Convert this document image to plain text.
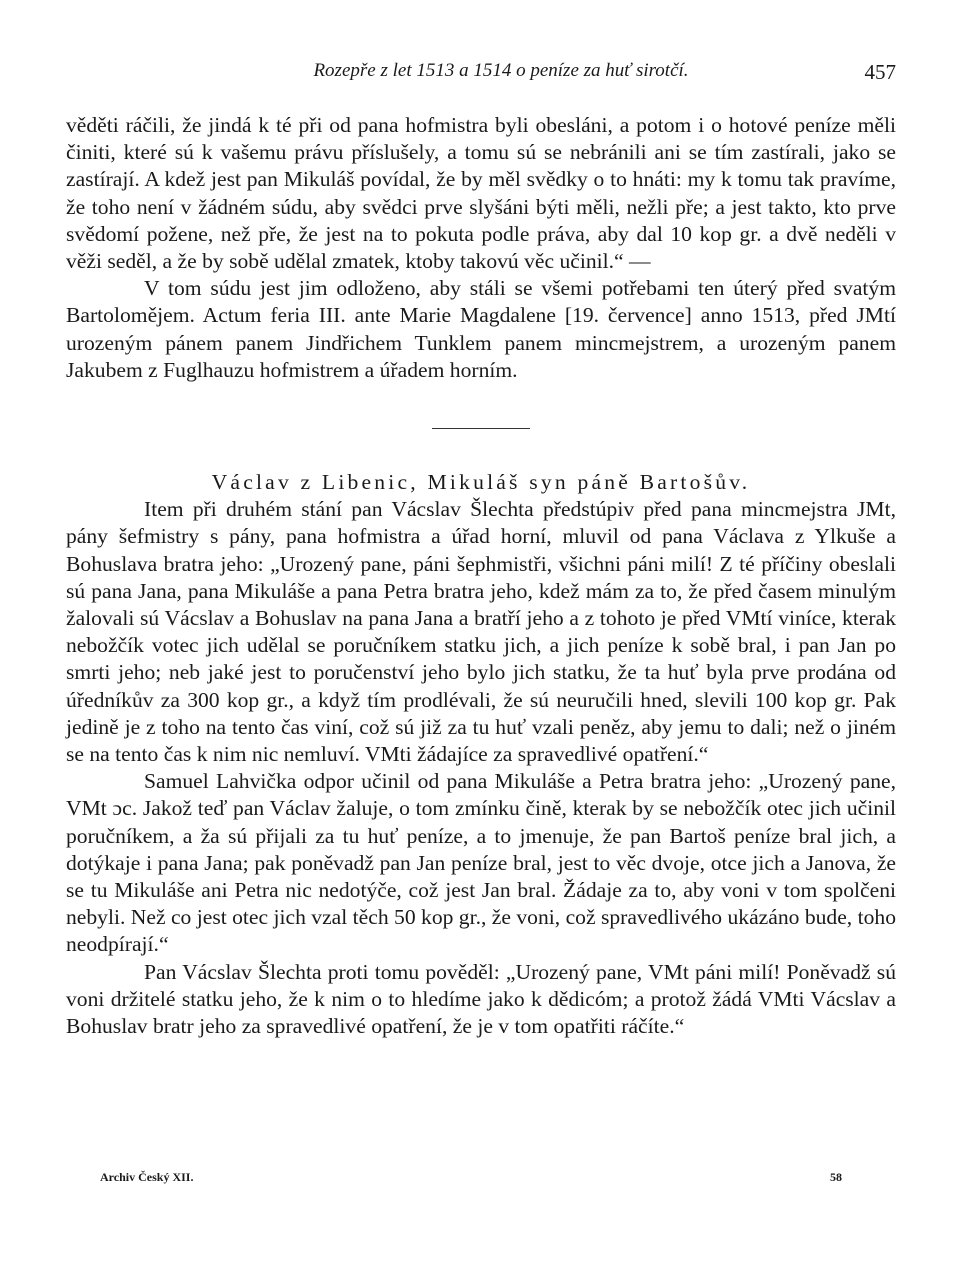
Rozepře z let 1513 a 1514 o peníze za huť sirotčí.	457

věděti ráčili, že jindá k té při od pana hofmistra byli obesláni, a potom i o hotové peníze měli činiti, které sú k vašemu právu příslušely, a tomu sú se nebránili ani se tím zastírali, jako se zastírají. A kdež jest pan Mikuláš povídal, že by měl svědky o to hnáti: my k tomu tak pravíme, že toho není v žádném súdu, aby svědci prve slyšáni býti měli, nežli pře; a jest takto, kto prve svědomí požene, než pře, že jest na to pokuta podle práva, aby dal 10 kop gr. a dvě neděli v věži seděl, a že by sobě udělal zmatek, ktoby takovú věc učinil.“ —

V tom súdu jest jim odloženo, aby stáli se všemi potřebami ten úterý před svatým Bartolomějem. Actum feria III. ante Marie Magdalene [19. července] anno 1513, před JMtí urozeným pánem panem Jindřichem Tunklem panem mincmejstrem, a urozeným panem Jakubem z Fuglhauzu hofmistrem a úřadem horním.

Václav z Libenic, Mikuláš syn páně Bartošův.

Item při druhém stání pan Vácslav Šlechta předstúpiv před pana mincmejstra JMt, pány šefmistry s pány, pana hofmistra a úřad horní, mluvil od pana Václava z Ylkuše a Bohuslava bratra jeho: „Urozený pane, páni šephmistři, všichni páni milí! Z té příčiny obeslali sú pana Jana, pana Mikuláše a pana Petra bratra jeho, kdež mám za to, že před časem minulým žalovali sú Vácslav a Bohuslav na pana Jana a bratří jeho a z tohoto je před VMtí viníce, kterak nebožčík votec jich udělal se poručníkem statku jich, a jich peníze k sobě bral, i pan Jan po smrti jeho; neb jaké jest to poručenství jeho bylo jich statku, že ta huť byla prve prodána od úředníkův za 300 kop gr., a když tím prodlévali, že sú neuručili hned, slevili 100 kop gr. Pak jedině je z toho na tento čas viní, což sú již za tu huť vzali peněz, aby jemu to dali; než o jiném se na tento čas k nim nic nemluví. VMti žádajíce za spravedlivé opatření.“

Samuel Lahvička odpor učinil od pana Mikuláše a Petra bratra jeho: „Urozený pane, VMt ɔc. Jakož teď pan Václav žaluje, o tom zmínku čině, kterak by se nebožčík otec jich učinil poručníkem, a ža sú přijali za tu huť peníze, a to jmenuje, že pan Bartoš peníze bral jich, a dotýkaje i pana Jana; pak poněvadž pan Jan peníze bral, jest to věc dvoje, otce jich a Janova, že se tu Mikuláše ani Petra nic nedotýče, což jest Jan bral. Žádaje za to, aby voni v tom spolčeni nebyli. Než co jest otec jich vzal těch 50 kop gr., že voni, což spravedlivého ukázáno bude, toho neodpírají.“

Pan Vácslav Šlechta proti tomu pověděl: „Urozený pane, VMt páni milí! Poněvadž sú voni držitelé statku jeho, že k nim o to hledíme jako k dědicóm; a protož žádá VMti Vácslav a Bohuslav bratr jeho za spravedlivé opatření, že je v tom opatřiti ráčíte.“

Archiv Český XII.	58
